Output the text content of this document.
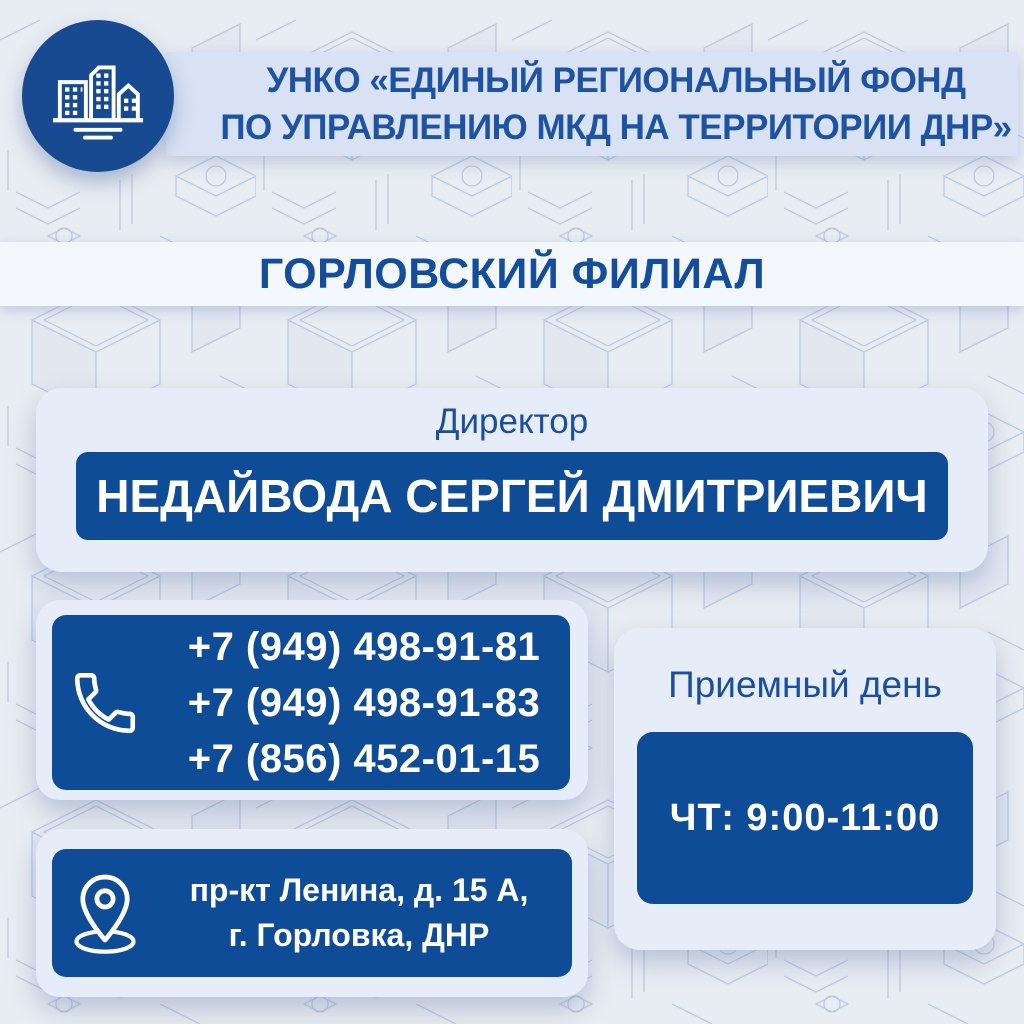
УНКО «ЕДИНЫЙ РЕГИОНАЛЬНЫЙ ФОНД
ПО УПРАВЛЕНИЮ МКД НА ТЕРРИТОРИИ ДНР»
ГОРЛОВСКИЙ ФИЛИАЛ
Директор
НЕДАЙВОДА СЕРГЕЙ ДМИТРИЕВИЧ
+7 (949) 498-91-81
+7 (949) 498-91-83
+7 (856) 452-01-15
Приемный день
ЧТ: 9:00-11:00
пр-кт Ленина, д. 15 А,
г. Горловка, ДНР
